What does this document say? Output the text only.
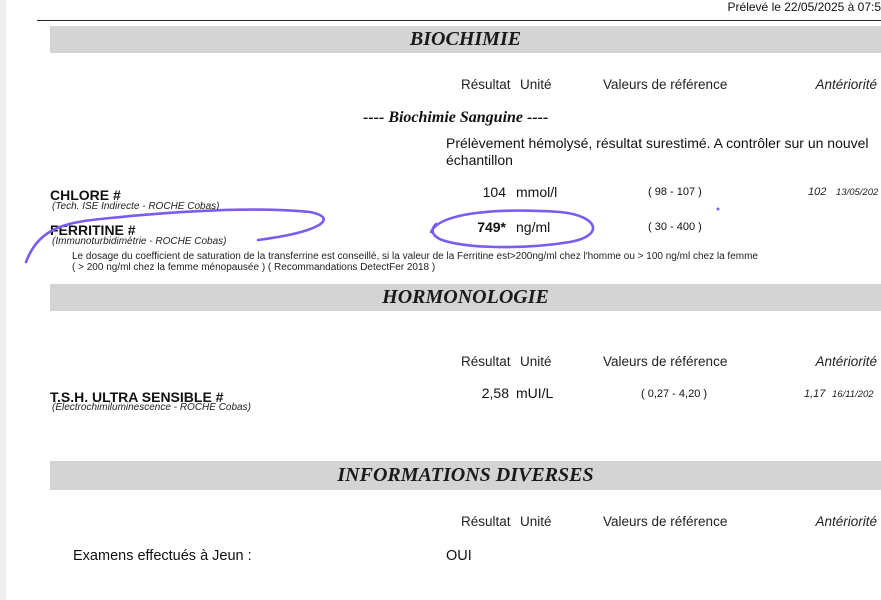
Prélevé le 22/05/2025 à 07:5
BIOCHIMIE
Résultat Unité	Valeurs de référence	Antériorité
---- Biochimie Sanguine ----
Prélèvement hémolysé, résultat surestimé. A contrôler sur un nouvel échantillon
CHLORE #
(Tech. ISE Indirecte - ROCHE Cobas)
104 mmol/l	( 98 - 107 )	102 13/05/202
FERRITINE #
(Immunoturbidimétrie - ROCHE Cobas)
749* ng/ml	( 30 - 400 )
Le dosage du coefficient de saturation de la transferrine est conseillé, si la valeur de la Ferritine est>200ng/ml chez l'homme ou > 100 ng/ml chez la femme
( > 200 ng/ml chez la femme ménopausée ) ( Recommandations DetectFer 2018 )
HORMONOLOGIE
Résultat Unité	Valeurs de référence	Antériorité
T.S.H. ULTRA SENSIBLE #
(Electrochimiluminescence - ROCHE Cobas)
2,58 mUI/L	( 0,27 - 4,20 )	1,17 16/11/202
INFORMATIONS DIVERSES
Résultat Unité	Valeurs de référence	Antériorité
Examens effectués à Jeun :	OUI
